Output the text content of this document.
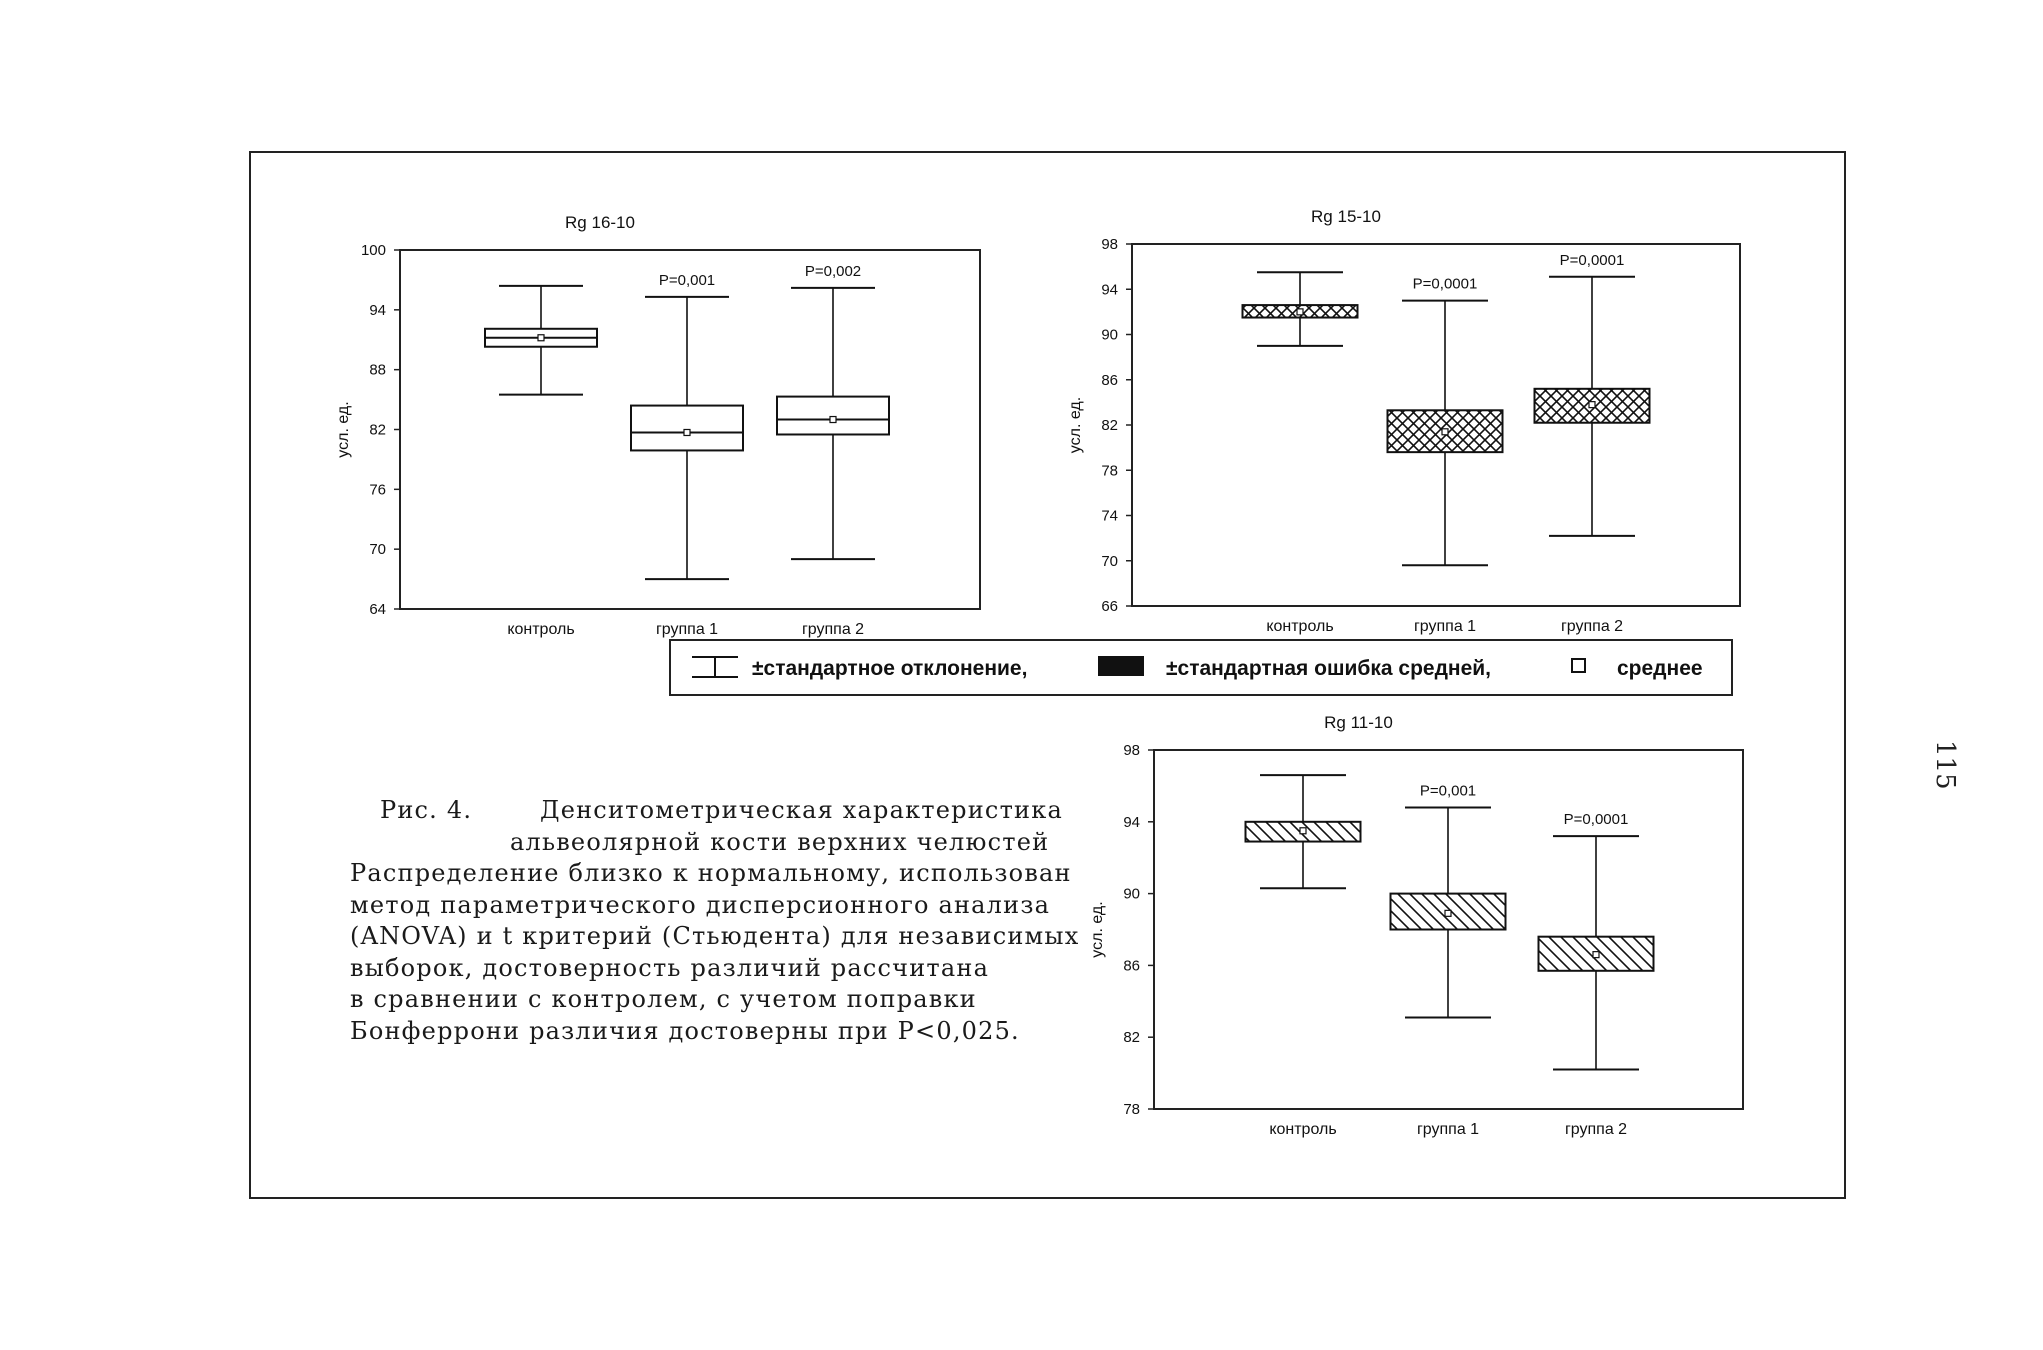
Rg 16-10
64
70
76
82
88
94
100
усл. ед.
контроль	группа 1	группа 2
P=0,001
P=0,002
Rg 15-10
66
70
74
78
82
86
90
94
98
усл. ед.
контроль	группа 1	группа 2
P=0,0001
P=0,0001
Rg 11-10
78
82
86
90
94
98
усл. ед.
контроль	группа 1	группа 2
P=0,001
P=0,0001
±стандартное отклонение,	±стандартная ошибка средней,	среднее
Рис. 4.	Денситометрическая характеристика
альвеолярной кости верхних челюстей
Распределение близко к нормальному, использован
метод параметрического дисперсионного анализа
(ANOVA) и t критерий (Стьюдента) для независимых
выборок, достоверность различий рассчитана
в сравнении с контролем, с учетом поправки
Бонферрони различия достоверны при P<0,025.
115
